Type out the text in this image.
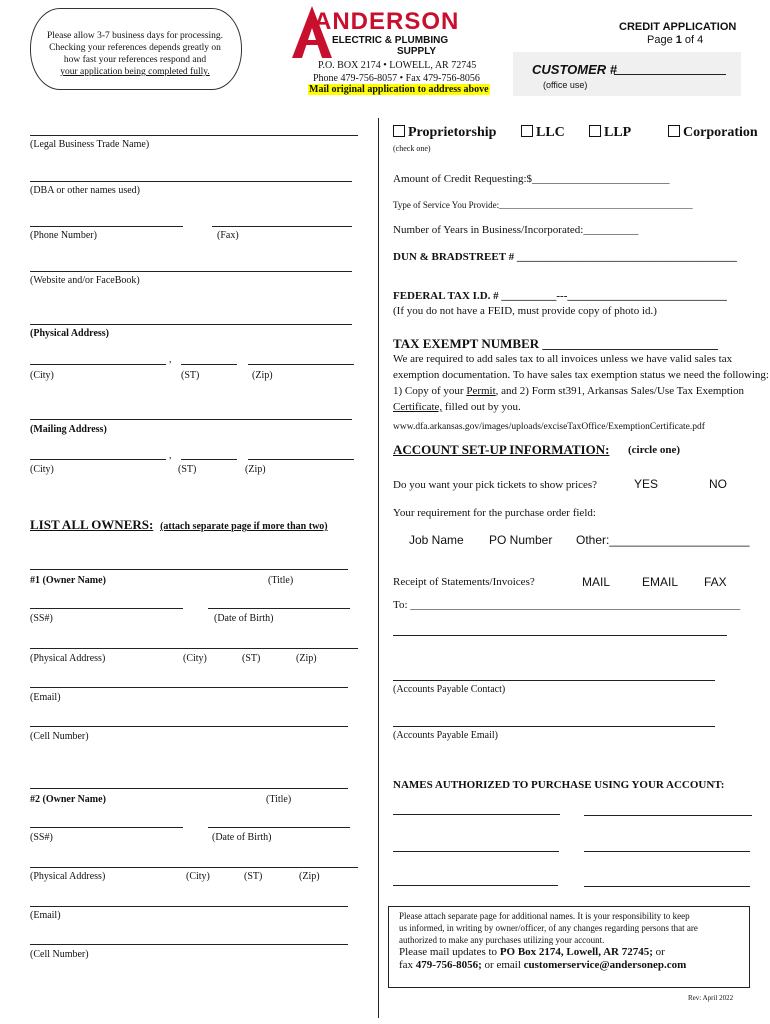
Please allow 3-7 business days for processing.
Checking your references depends greatly on
how fast your references respond and
your application being completed fully.
ANDERSON
ELECTRIC & PLUMBING
SUPPLY
P.O. BOX 2174 • LOWELL, AR 72745
Phone 479-756-8057 • Fax 479-756-8056
Mail original application to address above
CREDIT APPLICATION
Page 1 of 4
CUSTOMER #
(office use)
(Legal Business Trade Name)
(DBA or other names used)
(Phone Number)	(Fax)
(Website and/or FaceBook)
(Physical Address)
,
(City)	(ST)	(Zip)
(Mailing Address)
,
(City)	(ST)	(Zip)
LIST ALL OWNERS: (attach separate page if more than two)
#1 (Owner Name)	(Title)
(SS#)	(Date of Birth)
(Physical Address)	(City)	(ST)	(Zip)
(Email)
(Cell Number)
#2 (Owner Name)	(Title)
(SS#)	(Date of Birth)
(Physical Address)	(City)	(ST)	(Zip)
(Email)
(Cell Number)
Proprietorship	LLC	LLP	Corporation
(check one)
Amount of Credit Requesting:$_________________________
Type of Service You Provide:___________________________________________
Number of Years in Business/Incorporated:__________
DUN & BRADSTREET # ________________________________________
FEDERAL TAX I.D. # __________---_____________________________
(If you do not have a FEID, must provide copy of photo id.)
TAX EXEMPT NUMBER ___________________________
We are required to add sales tax to all invoices unless we have valid sales tax
exemption documentation. To have sales tax exemption status we need the following:
1) Copy of your Permit, and 2) Form st391, Arkansas Sales/Use Tax Exemption
Certificate, filled out by you.
www.dfa.arkansas.gov/images/uploads/exciseTaxOffice/ExemptionCertificate.pdf
ACCOUNT SET-UP INFORMATION: (circle one)
Do you want your pick tickets to show prices?	YES	NO
Your requirement for the purchase order field:
Job Name PO Number Other:_____________________
Receipt of Statements/Invoices?	MAIL	EMAIL FAX
To: ____________________________________________________________
(Accounts Payable Contact)
(Accounts Payable Email)
NAMES AUTHORIZED TO PURCHASE USING YOUR ACCOUNT:
Please attach separate page for additional names. It is your responsibility to keep
us informed, in writing by owner/officer, of any changes regarding persons that are
authorized to make any purchases utilizing your account.
Please mail updates to PO Box 2174, Lowell, AR 72745; or
fax 479-756-8056; or email customerservice@andersonep.com
Rev: April 2022
